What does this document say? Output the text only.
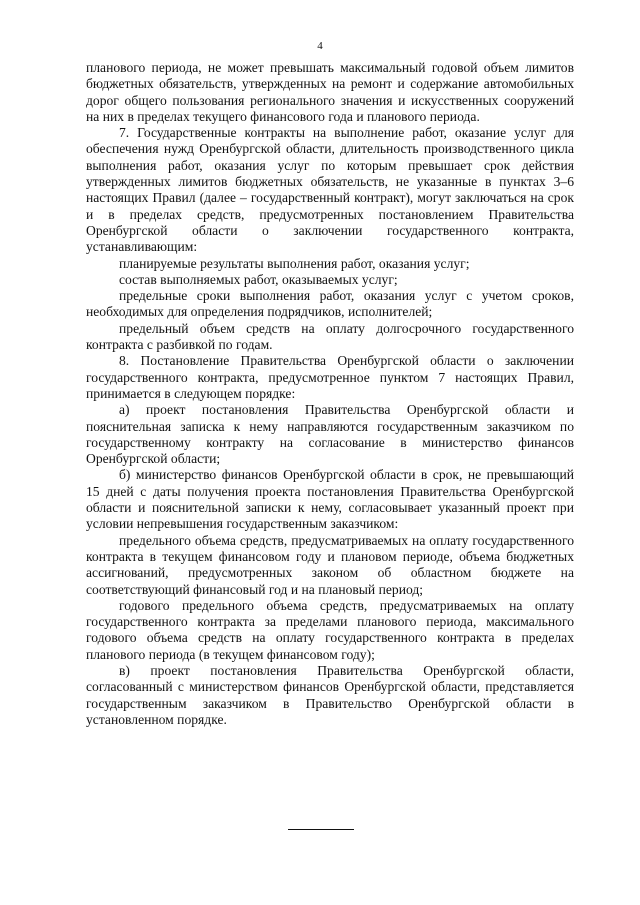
4

планового периода, не может превышать максимальный годовой объем лимитов бюджетных обязательств, утвержденных на ремонт и содержание автомобильных дорог общего пользования регионального значения и искусственных сооружений на них в пределах текущего финансового года и планового периода.

7. Государственные контракты на выполнение работ, оказание услуг для обеспечения нужд Оренбургской области, длительность производственного цикла выполнения работ, оказания услуг по которым превышает срок действия утвержденных лимитов бюджетных обязательств, не указанные в пунктах 3–6 настоящих Правил (далее – государственный контракт), могут заключаться на срок и в пределах средств, предусмотренных постановлением Правительства Оренбургской области о заключении государственного контракта, устанавливающим:

планируемые результаты выполнения работ, оказания услуг;

состав выполняемых работ, оказываемых услуг;

предельные сроки выполнения работ, оказания услуг с учетом сроков, необходимых для определения подрядчиков, исполнителей;

предельный объем средств на оплату долгосрочного государственного контракта с разбивкой по годам.

8. Постановление Правительства Оренбургской области о заключении государственного контракта, предусмотренное пунктом 7 настоящих Правил, принимается в следующем порядке:

а) проект постановления Правительства Оренбургской области и пояснительная записка к нему направляются государственным заказчиком по государственному контракту на согласование в министерство финансов Оренбургской области;

б) министерство финансов Оренбургской области в срок, не превышающий 15 дней с даты получения проекта постановления Правительства Оренбургской области и пояснительной записки к нему, согласовывает указанный проект при условии непревышения государственным заказчиком:

предельного объема средств, предусматриваемых на оплату государственного контракта в текущем финансовом году и плановом периоде, объема бюджетных ассигнований, предусмотренных законом об областном бюджете на соответствующий финансовый год и на плановый период;

годового предельного объема средств, предусматриваемых на оплату государственного контракта за пределами планового периода, максимального годового объема средств на оплату государственного контракта в пределах планового периода (в текущем финансовом году);

в) проект постановления Правительства Оренбургской области, согласованный с министерством финансов Оренбургской области, представляется государственным заказчиком в Правительство Оренбургской области в установленном порядке.
